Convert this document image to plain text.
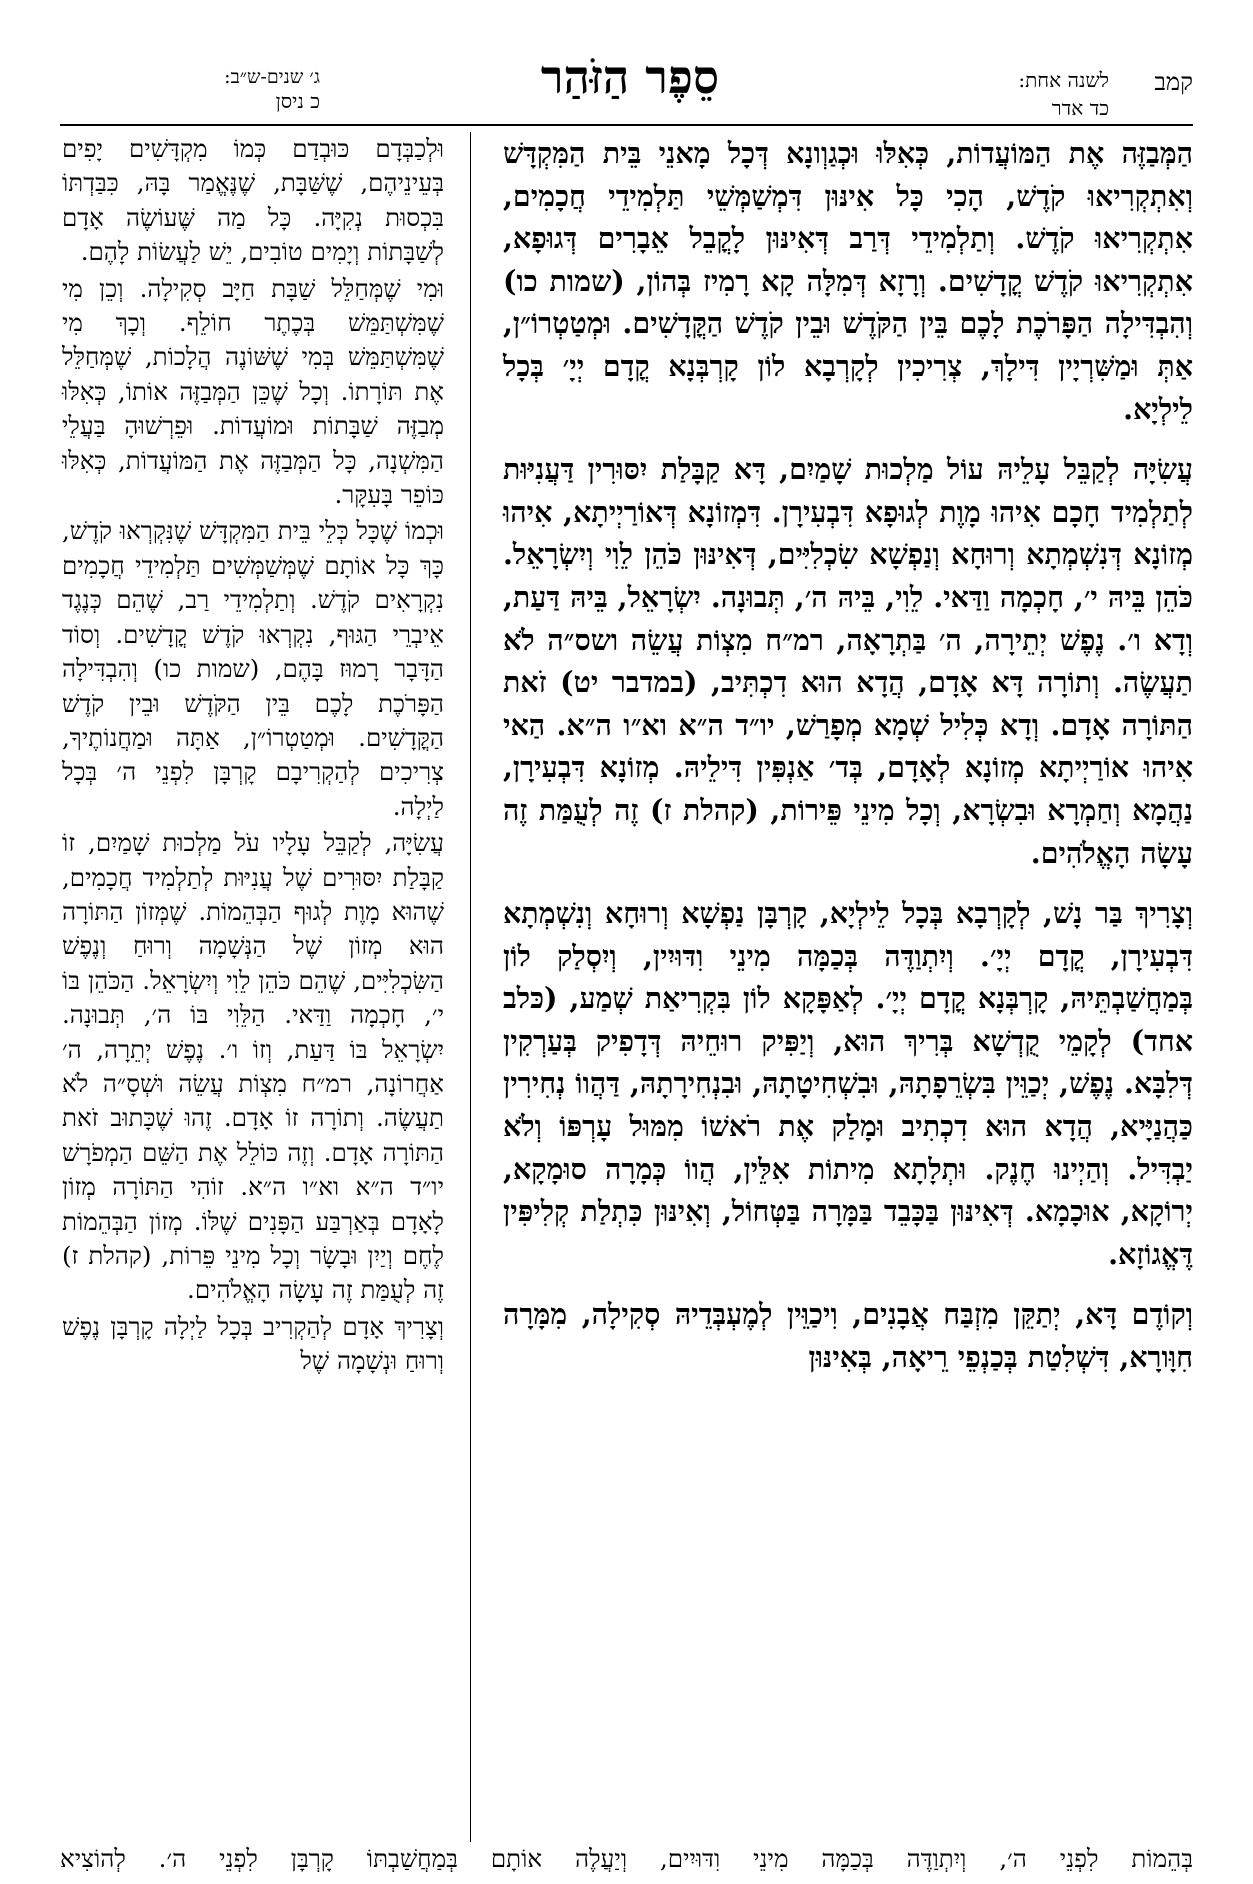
קמב
לשנה אחת:
כד אדר
סֵפֶר הַזֹּהַר
ג׳ שנים-ש״ב:
כ ניסן

הַמְּבַזֶּה אֶת הַמּוֹעֲדוֹת, כְּאִלּוּ וּכְגַוְונָא דְּכָל מָאנֵי בֵּית הַמִּקְדָּשׁ וְאִתְקְרִיאוּ קֹדֶשׁ, הָכִי כָּל אִינּוּן דִּמְשַׁמְּשֵׁי תַּלְמִידֵי חֲכָמִים, אִתְקְרִיאוּ קֹדֶשׁ. וְתַלְמִידֵי דְּרַב דְּאִינּוּן לָקֳבֵל אֵבָרִים דְּגוּפָא, אִתְקְרִיאוּ קֹדֶשׁ קֳדָשִׁים. וְרָזָא דְּמִלָּה קָא רָמִיז בְּהוֹן, (שמות כו) וְהִבְדִּילָה הַפָּרֹכֶת לָכֶם בֵּין הַקֹּדֶשׁ וּבֵין קֹדֶשׁ הַקֳּדָשִׁים. וּמְטַטְרוֹ״ן, אַתְּ וּמַשִּׁרְיָין דִּילָךְ, צְרִיכִין לְקָרְבָא לוֹן קָרְבְּנָא קֳדָם יְיָ׳ בְּכָל לֵילְיָא.

עֲשִׂיָּה לְקַבֵּל עָלֵיהּ עוֹל מַלְכוּת שָׁמַיִם, דָּא קַבָּלַת יִסּוּרִין דַּעֲנִיּוּת לְתַלְמִיד חָכָם אִיהוּ מָוֶת לְגוּפָא דִּבְעִירָן. דִּמְזוֹנָא דְּאוֹרַיְיתָא, אִיהוּ מְזוֹנָא דְּנִשְׁמְתָא וְרוּחָא וְנַפְשָׁא שִׂכְלִיִּים, דְּאִינּוּן כֹּהֵן לֵוִי וְיִשְׂרָאֵל. כֹּהֵן בֵּיהּ י׳, חָכְמָה וַדַּאי. לֵוִי, בֵּיהּ ה׳, תְּבוּנָה. יִשְׂרָאֵל, בֵּיהּ דַּעַת, וְדָא ו׳. נֶפֶשׁ יְתֵירָה, ה׳ בַּתְרָאָה, רמ״ח מִצְוֹת עֲשֵׂה ושס״ה לֹא תַעֲשֶׂה. וְתוֹרָה דָּא אָדָם, הֲדָא הוּא דִכְתִּיב, (במדבר יט) זֹאת הַתּוֹרָה אָדָם. וְדָא כְּלִיל שְׁמָא מְפָרַשׁ, יו״ד ה״א וא״ו ה״א. הַאי אִיהוּ אוֹרַיְיתָא מְזוֹנָא לְאָדָם, בְּד׳ אַנְפִּין דִּילֵיהּ. מְזוֹנָא דִּבְעִירָן, נַהֲמָא וְחַמְרָא וּבִשְׂרָא, וְכָל מִינֵי פֵּירוֹת, (קהלת ז) זֶה לְעֻמַּת זֶה עָשָׂה הָאֱלֹהִים.

וְצָרִיךְ בַּר נָשׁ, לְקָרְבָא בְּכָל לֵילְיָא, קָרְבָּן נַפְשָׁא וְרוּחָא וְנִשְׁמְתָא דִּבְעִירָן, קֳדָם יְיָ׳. וְיִתְוַדֶּה בְּכַמָּה מִינֵי וִדּוּיִין, וְיִסְלַק לוֹן בְּמַחֲשַׁבְתֵּיהּ, קָרְבְּנָא קֳדָם יְיָ׳. לְאַפָּקָא לוֹן בִּקְרִיאַת שְׁמַע, (כּלב אחד) לְקָמֵי קֻדְשָׁא בְּרִיךְ הוּא, וְיַפִּיק רוּחֵיהּ דְּדָפִיק בְּעַרְקִין דְּלִבָּא. נֶפֶשׁ, יְכַוֵּין בִּשְׂרֵפָתָהּ, וּבִשְׁחִיטָתָהּ, וּבִנְחִירָתָהּ, דַּהֲווֹ נְחִירִין כַּהֲנַיָּיא, הֲדָא הוּא דִכְתִיב וּמָלַק אֶת רֹאשׁוֹ מִמּוּל עָרְפּוֹ וְלֹא יַבְדִּיל. וְהַיְינוּ חֶנֶק. וּתְלָתָא מִיתוֹת אִלֵּין, הֲווֹ כְּמָרָה סוּמָקָא, יְרוֹקָא, אוּכָמָא. דְּאִינּוּן בַּכָּבֵד בַּמָּרָה בַּטְּחוֹל, וְאִינּוּן כִּתְלַת קְלִיפִּין דֶּאֱגוֹזָא.

וְקוֹדֶם דָּא, יְתַקֵּן מִזְבַּח אֲבָנִים, וִיכַוֵּין לְמֶעְבְּדֵיהּ סְקִילָה, מִמָּרָה חִוָּורָא, דִּשְׁלִטַת בְּכַנְפֵי רֵיאָה, בְּאִינּוּן

וּלְכַבְּדָם כּוּבְדַם כְּמוֹ מִקְדָּשִׁים יָפִים בְּעֵינֵיהֶם, שֶׁשַּׁבָּת, שֶׁנֶּאֱמַר בָּהּ, כִּבַּדְתּוֹ בִּכְסוּת נְקִיָּה. כָּל מַה שֶּׁעוֹשֶׂה אָדָם לְשַׁבָּתוֹת וְיָמִים טוֹבִים, יֵשׁ לַעֲשׂוֹת לָהֶם.

וּמִי שֶׁמְּחַלֵּל שַׁבָּת חַיָּב סְקִילָה. וְכֵן מִי שֶׁמִּשְׁתַּמֵּשׁ בְּכֶתֶר חוֹלֵף. וְכָךְ מִי שֶׁמִּשְׁתַּמֵּשׁ בְּמִי שֶׁשּׁוֹנֶה הֲלָכוֹת, שֶׁמְּחַלֵּל אֶת תּוֹרָתוֹ. וְכָל שֶׁכֵּן הַמְּבַזֶּה אוֹתוֹ, כְּאִלּוּ מְבַזֶּה שַׁבָּתוֹת וּמוֹעֲדוֹת. וּפֵרְשׁוּהָ בַּעֲלֵי הַמִּשְׁנָה, כָּל הַמְּבַזֶּה אֶת הַמּוֹעֲדוֹת, כְּאִלּוּ כּוֹפֵר בָּעִקָּר.

וּכְמוֹ שֶׁכָּל כְּלֵי בֵּית הַמִּקְדָּשׁ שֶׁנִּקְרְאוּ קֹדֶשׁ, כָּךְ כָּל אוֹתָם שֶׁמְּשַׁמְּשִׁים תַּלְמִידֵי חֲכָמִים נִקְרָאִים קֹדֶשׁ. וְתַלְמִידֵי רַב, שֶׁהֵם כְּנֶגֶד אֵיבְרֵי הַגּוּף, נִקְרְאוּ קֹדֶשׁ קֳדָשִׁים. וְסוֹד הַדָּבָר רָמוּז בָּהֶם, (שמות כו) וְהִבְדִּילָה הַפָּרֹכֶת לָכֶם בֵּין הַקֹּדֶשׁ וּבֵין קֹדֶשׁ הַקֳּדָשִׁים. וּמְטַטְרוֹ״ן, אַתָּה וּמַחֲנוֹתֶיךָ, צְרִיכִים לְהַקְרִיבָם קָרְבָּן לִפְנֵי ה׳ בְּכָל לַיְלָה.

עֲשִׂיָּה, לְקַבֵּל עָלָיו עֹל מַלְכוּת שָׁמַיִם, זוֹ קַבָּלַת יִסּוּרִים שֶׁל עֲנִיּוּת לְתַלְמִיד חֲכָמִים, שֶׁהוּא מָוֶת לְגוּף הַבְּהֵמוֹת. שֶׁמְּזוֹן הַתּוֹרָה הוּא מְזוֹן שֶׁל הַנְּשָׁמָה וְרוּחַ וְנֶפֶשׁ הַשִּׂכְלִיִּים, שֶׁהֵם כֹּהֵן לֵוִי וְיִשְׂרָאֵל. הַכֹּהֵן בּוֹ י׳, חָכְמָה וַדַּאי. הַלֵּוִי בּוֹ ה׳, תְּבוּנָה. יִשְׂרָאֵל בּוֹ דַּעַת, וְזוֹ ו׳. נֶפֶשׁ יְתֵרָה, ה׳ אַחֲרוֹנָה, רמ״ח מִצְוֹת עֲשֵׂה וּשְׁסָ״ה לֹא תַעֲשֶׂה. וְתוֹרָה זוֹ אָדָם. זֶהוּ שֶׁכָּתוּב זֹאת הַתּוֹרָה אָדָם. וְזֶה כּוֹלֵל אֶת הַשֵּׁם הַמְפֹרָשׁ יו״ד ה״א וא״ו ה״א. זוֹהִי הַתּוֹרָה מְזוֹן לָאָדָם בְּאַרְבַּע הַפָּנִים שֶׁלּוֹ. מְזוֹן הַבְּהֵמוֹת לֶחֶם וְיַיִן וּבָשָׂר וְכָל מִינֵי פֵּרוֹת, (קהלת ז) זֶה לְעֻמַּת זֶה עָשָׂה הָאֱלֹהִים.

וְצָרִיךְ אָדָם לְהַקְרִיב בְּכָל לַיְלָה קָרְבָּן נֶפֶשׁ וְרוּחַ וּנְשָׁמָה שֶׁל

בְּהֵמוֹת לִפְנֵי ה׳, וְיִתְוַדֶּה בְּכַמָּה מִינֵי וִדּוּיִים, וְיַעֲלֶה אוֹתָם בְּמַחֲשַׁבְתּוֹ קָרְבָּן לִפְנֵי ה׳. לְהוֹצִיא
